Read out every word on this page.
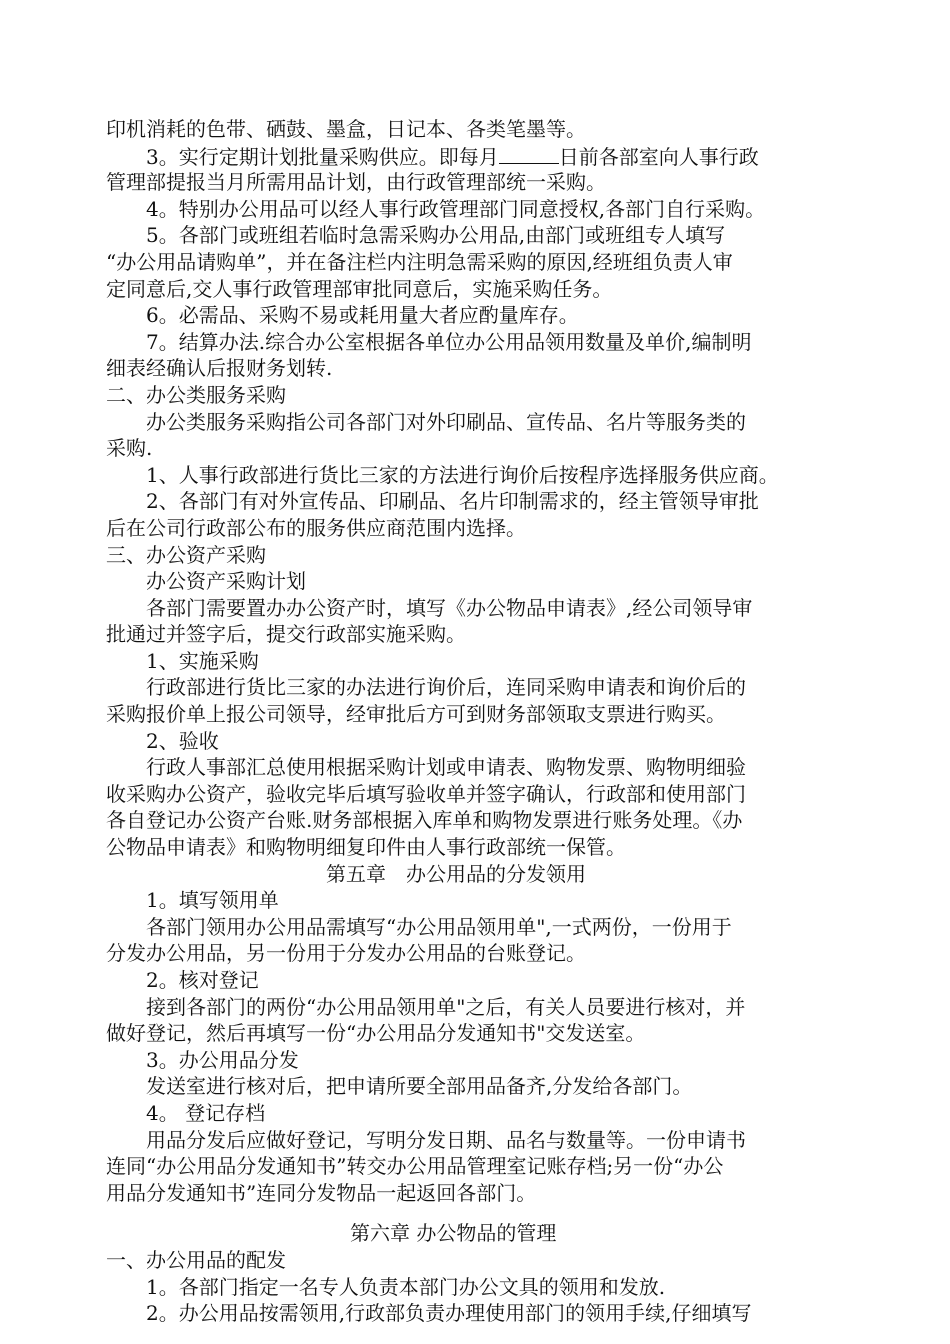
印机消耗的色带、硒鼓、墨盒，日记本、各类笔墨等。
3。实行定期计划批量采购供应。即每月	日前各部室向人事行政
管理部提报当月所需用品计划，由行政管理部统一采购。
4。特别办公用品可以经人事行政管理部门同意授权,各部门自行采购。
5。各部门或班组若临时急需采购办公用品,由部门或班组专人填写
“办公用品请购单”，并在备注栏内注明急需采购的原因,经班组负责人审
定同意后,交人事行政管理部审批同意后，实施采购任务。
6。必需品、采购不易或耗用量大者应酌量库存。
7。结算办法.综合办公室根据各单位办公用品领用数量及单价,编制明
细表经确认后报财务划转.
二、办公类服务采购
办公类服务采购指公司各部门对外印刷品、宣传品、名片等服务类的
采购.
1、人事行政部进行货比三家的方法进行询价后按程序选择服务供应商。
2、各部门有对外宣传品、印刷品、名片印制需求的，经主管领导审批
后在公司行政部公布的服务供应商范围内选择。
三、办公资产采购
办公资产采购计划
各部门需要置办办公资产时，填写《办公物品申请表》,经公司领导审
批通过并签字后，提交行政部实施采购。
1、实施采购
行政部进行货比三家的办法进行询价后，连同采购申请表和询价后的
采购报价单上报公司领导，经审批后方可到财务部领取支票进行购买。
2、验收
行政人事部汇总使用根据采购计划或申请表、购物发票、购物明细验
收采购办公资产，验收完毕后填写验收单并签字确认，行政部和使用部门
各自登记办公资产台账.财务部根据入库单和购物发票进行账务处理。《办
公物品申请表》和购物明细复印件由人事行政部统一保管。
第五章　办公用品的分发领用
1。填写领用单
各部门领用办公用品需填写“办公用品领用单",一式两份，一份用于
分发办公用品，另一份用于分发办公用品的台账登记。
2。核对登记
接到各部门的两份“办公用品领用单"之后，有关人员要进行核对，并
做好登记，然后再填写一份“办公用品分发通知书"交发送室。
3。办公用品分发
发送室进行核对后，把申请所要全部用品备齐,分发给各部门。
4。 登记存档
用品分发后应做好登记，写明分发日期、品名与数量等。一份申请书
连同“办公用品分发通知书”转交办公用品管理室记账存档;另一份“办公
用品分发通知书”连同分发物品一起返回各部门。
第六章 办公物品的管理
一、办公用品的配发
1。各部门指定一名专人负责本部门办公文具的领用和发放.
2。办公用品按需领用,行政部负责办理使用部门的领用手续,仔细填写
